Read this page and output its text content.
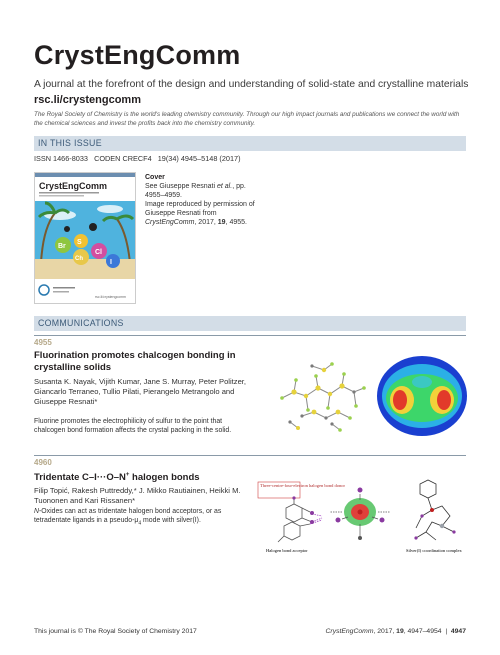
CrystEngComm
A journal at the forefront of the design and understanding of solid-state and crystalline materials
rsc.li/crystengcomm
The Royal Society of Chemistry is the world's leading chemistry community. Through our high impact journals and publications we connect the world with the chemical sciences and invest the profits back into the chemistry community.
IN THIS ISSUE
ISSN 1466-8033 CODEN CRECF4 19(34) 4945–5148 (2017)
CrystEngComm
Br
S
Ch
Cl
I
rsc.li/crystengcomm
Cover
See Giuseppe Resnati et al., pp. 4955–4959.
Image reproduced by permission of Giuseppe Resnati from CrystEngComm, 2017, 19, 4955.
COMMUNICATIONS
4955
Fluorination promotes chalcogen bonding in crystalline solids
Susanta K. Nayak, Vijith Kumar, Jane S. Murray, Peter Politzer, Giancarlo Terraneo, Tullio Pilati, Pierangelo Metrangolo and Giuseppe Resnati*
Fluorine promotes the electrophilicity of sulfur to the point that chalcogen bond formation affects the crystal packing in the solid.
4960
Tridentate C–I···O–N+ halogen bonds
Filip Topić, Rakesh Puttreddy,* J. Mikko Rautiainen, Heikki M. Tuononen and Kari Rissanen*
N-Oxides can act as tridentate halogen bond acceptors, or as tetradentate ligands in a pseudo-$\mu_4$ mode with silver(I).
Three-centre-four-electron halogen bond donor
Halogen bond acceptor	Silver(I) coordination complex
This journal is © The Royal Society of Chemistry 2017	CrystEngComm, 2017, 19, 4947–4954 | 4947
